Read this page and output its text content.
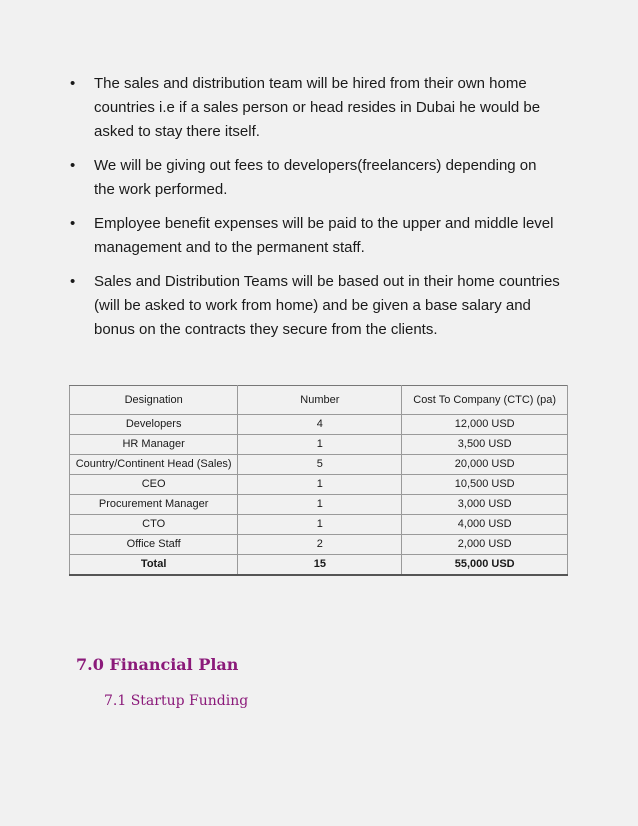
• The sales and distribution team will be hired from their own home countries i.e if a sales person or head resides in Dubai he would be asked to stay there itself.
• We will be giving out fees to developers(freelancers) depending on the work performed.
• Employee benefit expenses will be paid to the upper and middle level management and to the permanent staff.
• Sales and Distribution Teams will be based out in their home countries (will be asked to work from home) and be given a base salary and bonus on the contracts they secure from the clients.
Designation	Number	Cost To Company (CTC) (pa)
Developers	4	12,000 USD
HR Manager	1	3,500 USD
Country/Continent Head (Sales)	5	20,000 USD
CEO	1	10,500 USD
Procurement Manager	1	3,000 USD
CTO	1	4,000 USD
Office Staff	2	2,000 USD
Total	15	55,000 USD
7.0 Financial Plan
7.1 Startup Funding
